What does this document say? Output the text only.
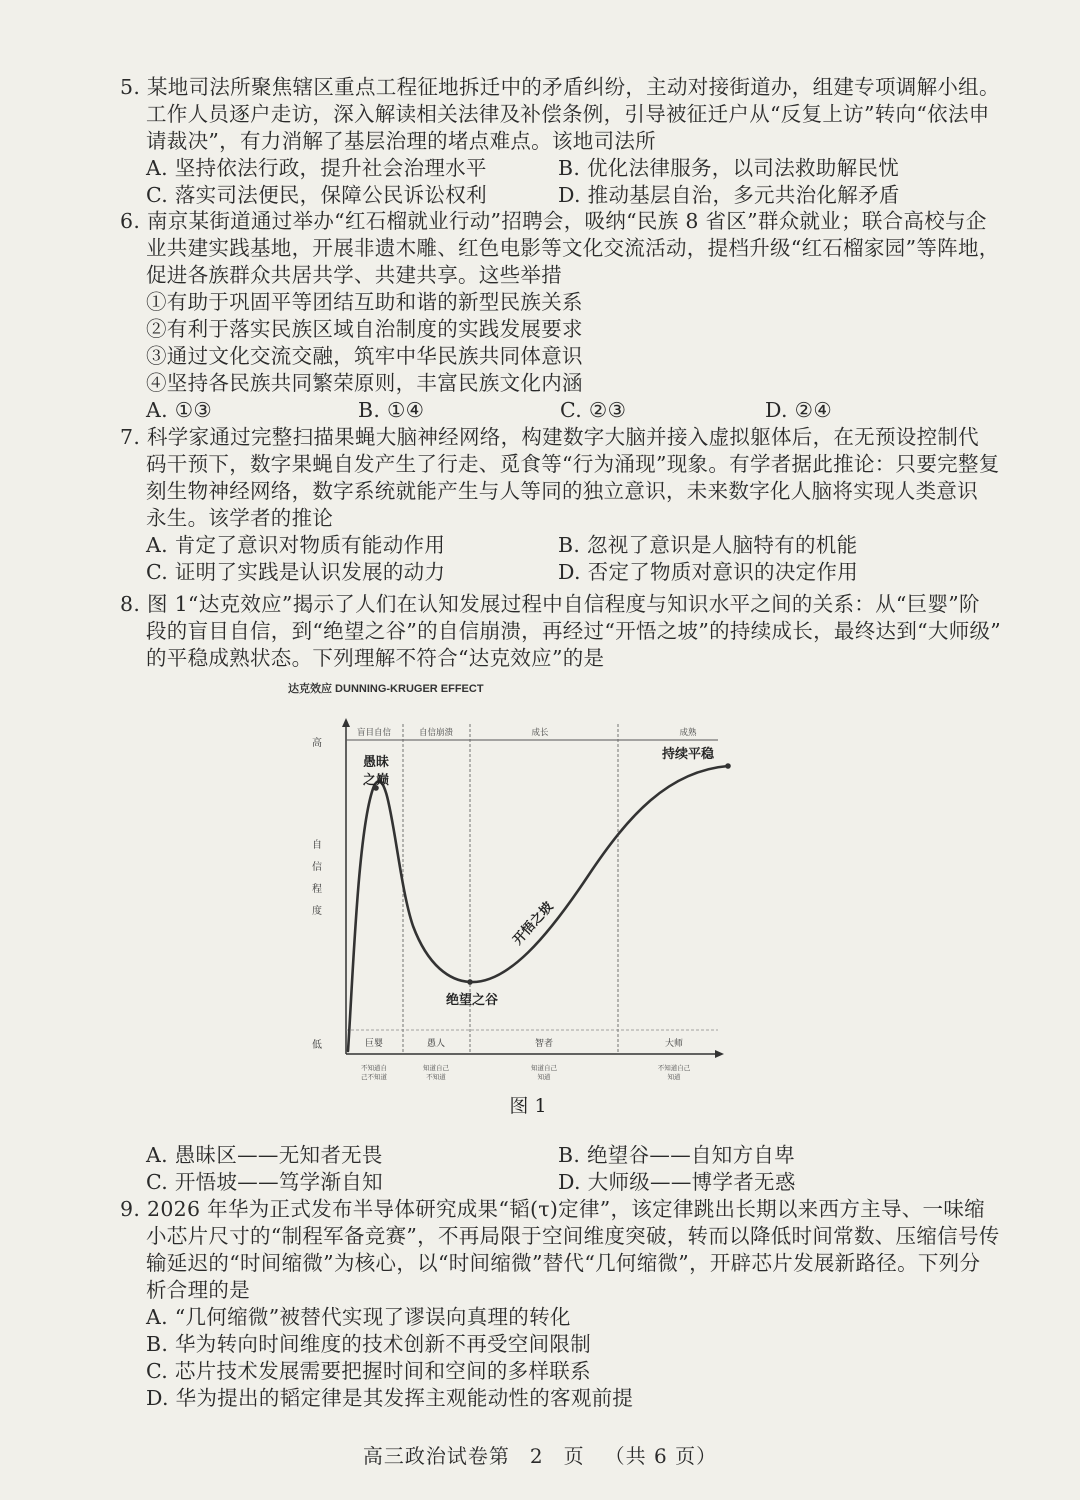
5. 某地司法所聚焦辖区重点工程征地拆迁中的矛盾纠纷，主动对接街道办，组建专项调解小组。
工作人员逐户走访，深入解读相关法律及补偿条例，引导被征迁户从“反复上访”转向“依法申
请裁决”，有力消解了基层治理的堵点难点。该地司法所
A. 坚持依法行政，提升社会治理水平	B. 优化法律服务，以司法救助解民忧
C. 落实司法便民，保障公民诉讼权利	D. 推动基层自治，多元共治化解矛盾
6. 南京某街道通过举办“红石榴就业行动”招聘会，吸纳“民族 8 省区”群众就业；联合高校与企
业共建实践基地，开展非遗木雕、红色电影等文化交流活动，提档升级“红石榴家园”等阵地，
促进各族群众共居共学、共建共享。这些举措
①有助于巩固平等团结互助和谐的新型民族关系
②有利于落实民族区域自治制度的实践发展要求
③通过文化交流交融，筑牢中华民族共同体意识
④坚持各民族共同繁荣原则，丰富民族文化内涵
A. ①③	B. ①④	C. ②③	D. ②④
7. 科学家通过完整扫描果蝇大脑神经网络，构建数字大脑并接入虚拟躯体后，在无预设控制代
码干预下，数字果蝇自发产生了行走、觅食等“行为涌现”现象。有学者据此推论：只要完整复
刻生物神经网络，数字系统就能产生与人等同的独立意识，未来数字化人脑将实现人类意识
永生。该学者的推论
A. 肯定了意识对物质有能动作用	B. 忽视了意识是人脑特有的机能
C. 证明了实践是认识发展的动力	D. 否定了物质对意识的决定作用
8. 图 1“达克效应”揭示了人们在认知发展过程中自信程度与知识水平之间的关系：从“巨婴”阶
段的盲目自信，到“绝望之谷”的自信崩溃，再经过“开悟之坡”的持续成长，最终达到“大师级”
的平稳成熟状态。下列理解不符合“达克效应”的是
达克效应 DUNNING-KRUGER EFFECT
盲目自信	自信崩溃	成长	成熟
高
自
信
程
度
低
愚昧
之巅
绝望之谷
开悟之坡
持续平稳
巨婴	愚人	智者	大师
不知道自
己不知道
知道自己
不知道
知道自己
知道
不知道自己
知道
图 1
A. 愚昧区——无知者无畏	B. 绝望谷——自知方自卑
C. 开悟坡——笃学渐自知	D. 大师级——博学者无惑
9. 2026 年华为正式发布半导体研究成果“韬(τ)定律”，该定律跳出长期以来西方主导、一味缩
小芯片尺寸的“制程军备竞赛”，不再局限于空间维度突破，转而以降低时间常数、压缩信号传
输延迟的“时间缩微”为核心，以“时间缩微”替代“几何缩微”，开辟芯片发展新路径。下列分
析合理的是
A. “几何缩微”被替代实现了谬误向真理的转化
B. 华为转向时间维度的技术创新不再受空间限制
C. 芯片技术发展需要把握时间和空间的多样联系
D. 华为提出的韬定律是其发挥主观能动性的客观前提
高三政治试卷第 2 页 （共 6 页）
